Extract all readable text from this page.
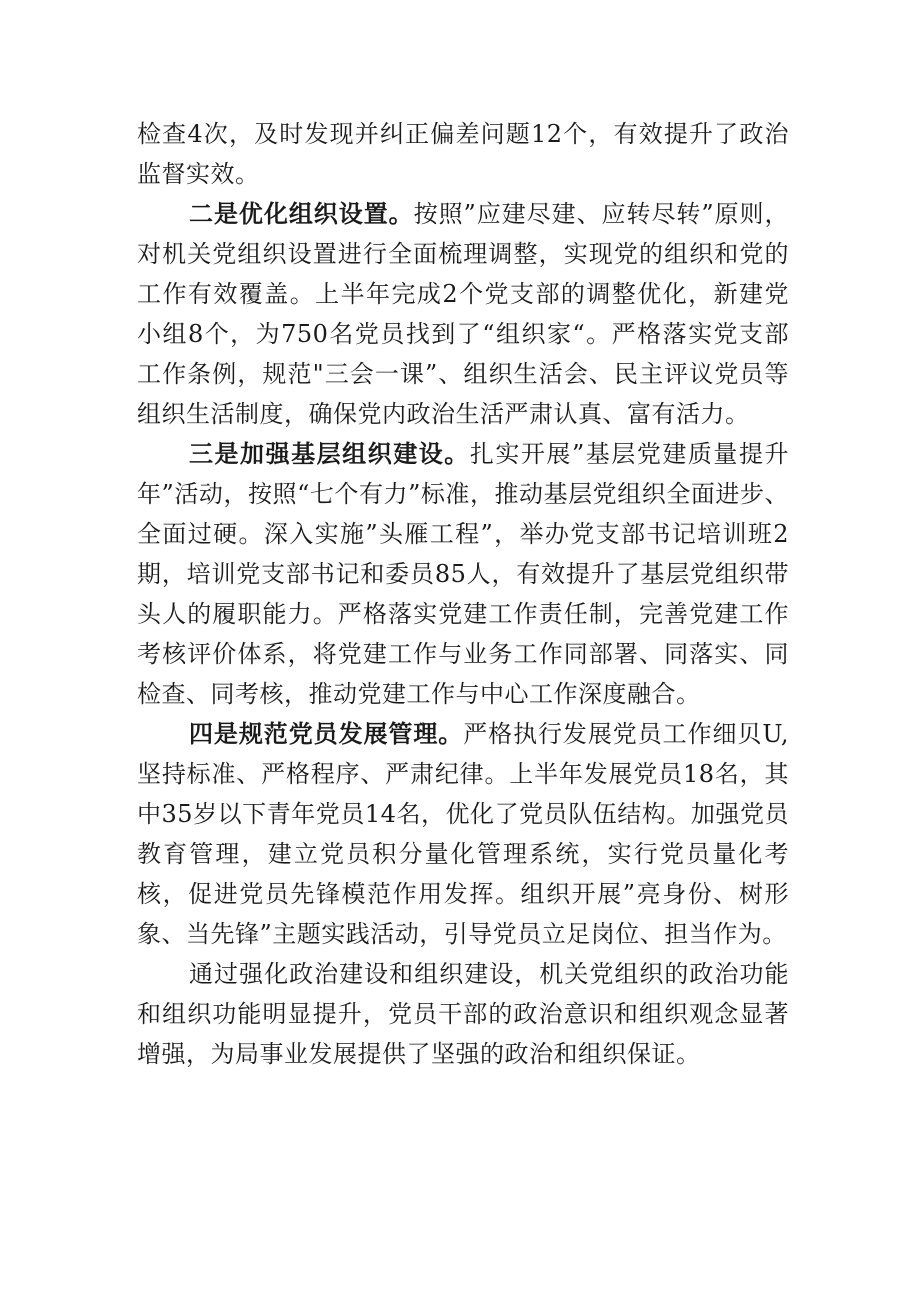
检查4次，及时发现并纠正偏差问题12个，有效提升了政治监督实效。

二是优化组织设置。按照”应建尽建、应转尽转”原则，对机关党组织设置进行全面梳理调整，实现党的组织和党的工作有效覆盖。上半年完成2个党支部的调整优化，新建党小组8个，为750名党员找到了“组织家“。严格落实党支部工作条例，规范"三会一课”、组织生活会、民主评议党员等组织生活制度，确保党内政治生活严肃认真、富有活力。

三是加强基层组织建设。扎实开展”基层党建质量提升年”活动，按照“七个有力”标准，推动基层党组织全面进步、全面过硬。深入实施”头雁工程”，举办党支部书记培训班2期，培训党支部书记和委员85人，有效提升了基层党组织带头人的履职能力。严格落实党建工作责任制，完善党建工作考核评价体系，将党建工作与业务工作同部署、同落实、同检查、同考核，推动党建工作与中心工作深度融合。

四是规范党员发展管理。严格执行发展党员工作细贝U,坚持标准、严格程序、严肃纪律。上半年发展党员18名，其中35岁以下青年党员14名，优化了党员队伍结构。加强党员教育管理，建立党员积分量化管理系统，实行党员量化考核，促进党员先锋模范作用发挥。组织开展”亮身份、树形象、当先锋”主题实践活动，引导党员立足岗位、担当作为。

通过强化政治建设和组织建设，机关党组织的政治功能和组织功能明显提升，党员干部的政治意识和组织观念显著增强，为局事业发展提供了坚强的政治和组织保证。
